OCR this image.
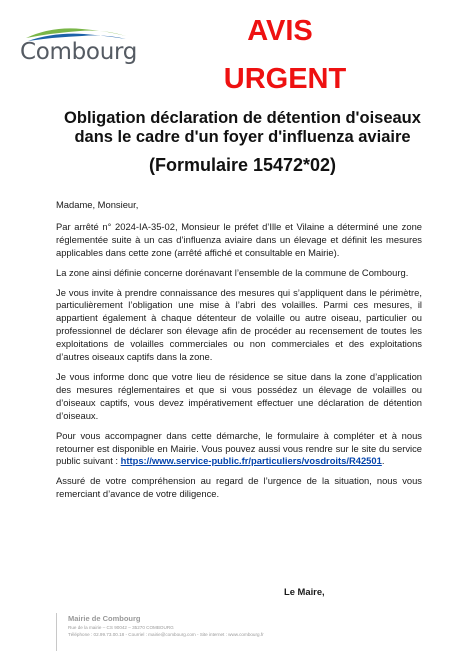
Combourg
AVIS
URGENT
Obligation déclaration de détention d'oiseaux
dans le cadre d'un foyer d'influenza aviaire
(Formulaire 15472*02)

Madame, Monsieur,

Par arrêté n° 2024-IA-35-02, Monsieur le préfet d’Ille et Vilaine a déterminé une zone réglementée suite à un cas d’influenza aviaire dans un élevage et définit les mesures applicables dans cette zone (arrêté affiché et consultable en Mairie).

La zone ainsi définie concerne dorénavant l’ensemble de la commune de Combourg.

Je vous invite à prendre connaissance des mesures qui s’appliquent dans le périmètre, particulièrement l’obligation une mise à l’abri des volailles. Parmi ces mesures, il appartient également à chaque détenteur de volaille ou autre oiseau, particulier ou professionnel de déclarer son élevage afin de procéder au recensement de toutes les exploitations de volailles commerciales ou non commerciales et des exploitations d’autres oiseaux captifs dans la zone.

Je vous informe donc que votre lieu de résidence se situe dans la zone d’application des mesures réglementaires et que si vous possédez un élevage de volailles ou d’oiseaux captifs, vous devez impérativement effectuer une déclaration de détention d’oiseaux.

Pour vous accompagner dans cette démarche, le formulaire à compléter et à nous retourner est disponible en Mairie. Vous pouvez aussi vous rendre sur le site du service public suivant : https://www.service-public.fr/particuliers/vosdroits/R42501.

Assuré de votre compréhension au regard de l’urgence de la situation, nous vous remerciant d’avance de votre diligence.

Le Maire,
Mairie de Combourg
Rue de la mairie – CS 90042 – 35270 COMBOURG
Téléphone : 02.99.73.00.18 - Courriel : mairie@combourg.com - Site internet : www.combourg.fr
